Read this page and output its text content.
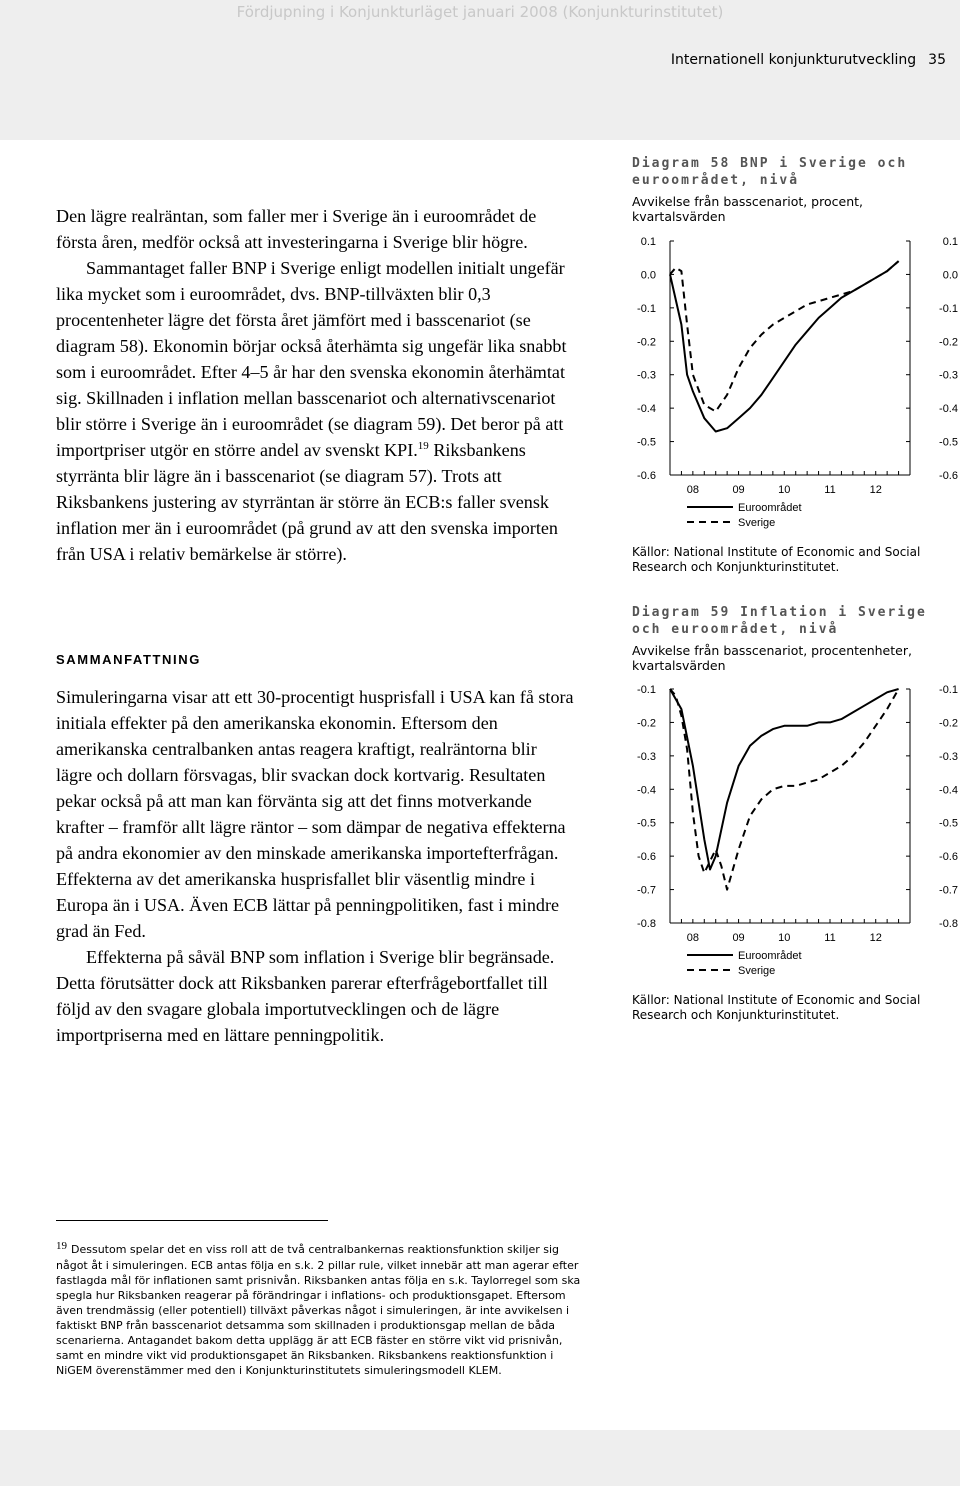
Fördjupning i Konjunkturläget januari 2008 (Konjunkturinstitutet)
Internationell konjunkturutveckling 35

Den lägre realräntan, som faller mer i Sverige än i euroområdet de första åren, medför också att investeringarna i Sverige blir högre.

Sammantaget faller BNP i Sverige enligt modellen initialt ungefär lika mycket som i euroområdet, dvs. BNP-tillväxten blir 0,3 procentenheter lägre det första året jämfört med i basscenariot (se diagram 58). Ekonomin börjar också återhämta sig ungefär lika snabbt som i euroområdet. Efter 4–5 år har den svenska ekonomin återhämtat sig. Skillnaden i inflation mellan basscenariot och alternativscenariot blir större i Sverige än i euroområdet (se diagram 59). Det beror på att importpriser utgör en större andel av svenskt KPI.$^{19}$ Riksbankens styrränta blir lägre än i basscenariot (se diagram 57). Trots att Riksbankens justering av styrräntan är större än ECB:s faller svensk inflation mer än i euroområdet (på grund av att den svenska importen från USA i relativ bemärkelse är större).

SAMMANFATTNING

Simuleringarna visar att ett 30-procentigt husprisfall i USA kan få stora initiala effekter på den amerikanska ekonomin. Eftersom den amerikanska centralbanken antas reagera kraftigt, realräntorna blir lägre och dollarn försvagas, blir svackan dock kortvarig. Resultaten pekar också på att man kan förvänta sig att det finns motverkande krafter – framför allt lägre räntor – som dämpar de negativa effekterna på andra ekonomier av den minskade amerikanska importefterfrågan. Effekterna av det amerikanska husprisfallet blir väsentlig mindre i Europa än i USA. Även ECB lättar på penningpolitiken, fast i mindre grad än Fed.

Effekterna på såväl BNP som inflation i Sverige blir begränsade. Detta förutsätter dock att Riksbanken parerar efterfrågebortfallet till följd av den svagare globala importutvecklingen och de lägre importpriserna med en lättare penningpolitik.

Diagram 58 BNP i Sverige och euroområdet, nivå
Avvikelse från basscenariot, procent, kvartalsvärden
0.1	0.1
0.0	0.0
-0.1	-0.1
-0.2	-0.2
-0.3	-0.3
-0.4	-0.4
-0.5	-0.5
-0.6	-0.6
08	09	10	11	12
Euroområdet
Sverige
Källor: National Institute of Economic and Social Research och Konjunkturinstitutet.
Diagram 59 Inflation i Sverige och euroområdet, nivå
Avvikelse från basscenariot, procentenheter, kvartalsvärden
-0.1	-0.1
-0.2	-0.2
-0.3	-0.3
-0.4	-0.4
-0.5	-0.5
-0.6	-0.6
-0.7	-0.7
-0.8	-0.8
08	09	10	11	12
Euroområdet
Sverige
Källor: National Institute of Economic and Social Research och Konjunkturinstitutet.
19 Dessutom spelar det en viss roll att de två centralbankernas reaktionsfunktion skiljer sig något åt i simuleringen. ECB antas följa en s.k. 2 pillar rule, vilket innebär att man agerar efter fastlagda mål för inflationen samt prisnivån. Riksbanken antas följa en s.k. Taylorregel som ska spegla hur Riksbanken reagerar på förändringar i inflations- och produktionsgapet. Eftersom även trendmässig (eller potentiell) tillväxt påverkas något i simuleringen, är inte avvikelsen i faktiskt BNP från basscenariot detsamma som skillnaden i produktionsgap mellan de båda scenarierna. Antagandet bakom detta upplägg är att ECB fäster en större vikt vid prisnivån, samt en mindre vikt vid produktionsgapet än Riksbanken. Riksbankens reaktionsfunktion i NiGEM överenstämmer med den i Konjunkturinstitutets simuleringsmodell KLEM.
